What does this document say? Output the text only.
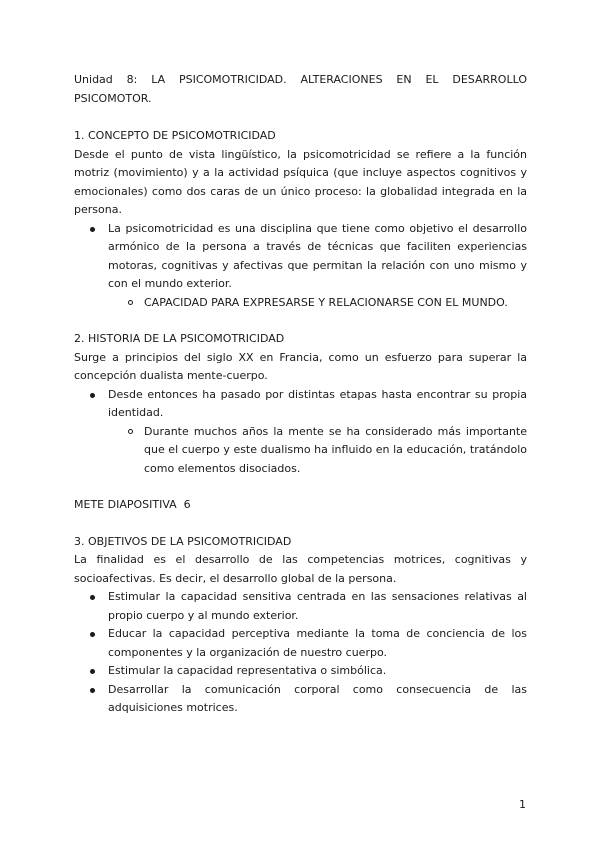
Unidad 8: LA PSICOMOTRICIDAD. ALTERACIONES EN EL DESARROLLO PSICOMOTOR.

1. CONCEPTO DE PSICOMOTRICIDAD

Desde el punto de vista lingüístico, la psicomotricidad se refiere a la función motriz (movimiento) y a la actividad psíquica (que incluye aspectos cognitivos y emocionales) como dos caras de un único proceso: la globalidad integrada en la persona.

La psicomotricidad es una disciplina que tiene como objetivo el desarrollo armónico de la persona a través de técnicas que faciliten experiencias motoras, cognitivas y afectivas que permitan la relación con uno mismo y con el mundo exterior.
CAPACIDAD PARA EXPRESARSE Y RELACIONARSE CON EL MUNDO.

2. HISTORIA DE LA PSICOMOTRICIDAD

Surge a principios del siglo XX en Francia, como un esfuerzo para superar la concepción dualista mente-cuerpo.

Desde entonces ha pasado por distintas etapas hasta encontrar su propia identidad.
Durante muchos años la mente se ha considerado más importante que el cuerpo y este dualismo ha influido en la educación, tratándolo como elementos disociados.

METE DIAPOSITIVA  6

3. OBJETIVOS DE LA PSICOMOTRICIDAD

La finalidad es el desarrollo de las competencias motrices, cognitivas y socioafectivas. Es decir, el desarrollo global de la persona.

Estimular la capacidad sensitiva centrada en las sensaciones relativas al propio cuerpo y al mundo exterior.
Educar la capacidad perceptiva mediante la toma de conciencia de los componentes y la organización de nuestro cuerpo.
Estimular la capacidad representativa o simbólica.
Desarrollar la comunicación corporal como consecuencia de las adquisiciones motrices.
1
